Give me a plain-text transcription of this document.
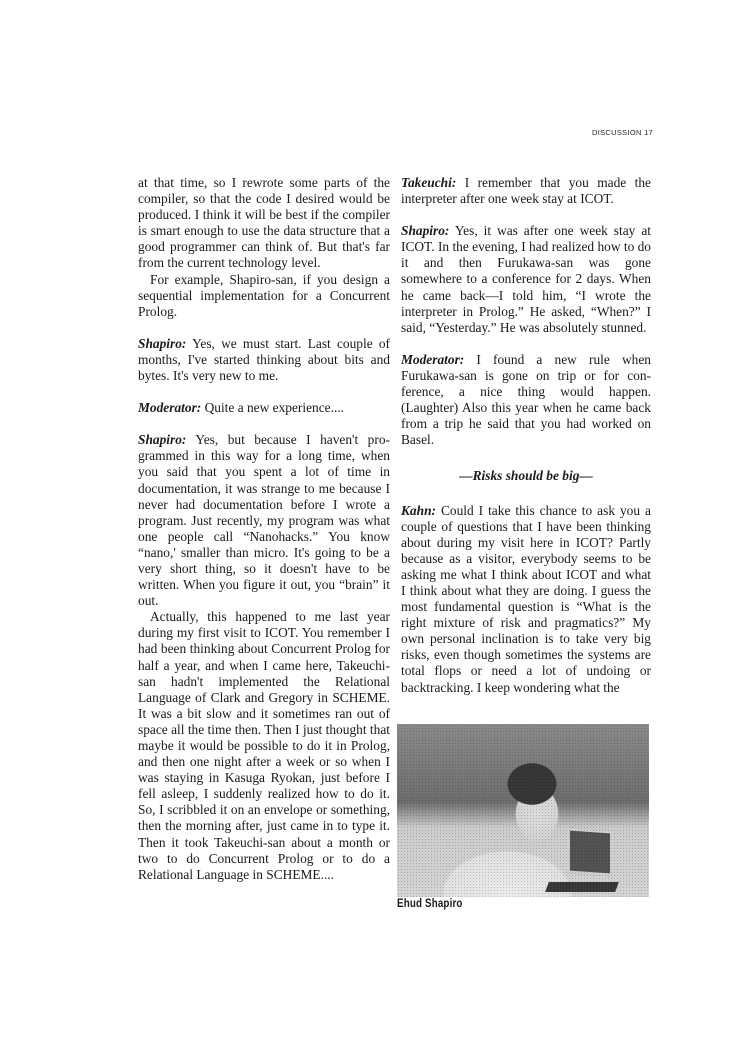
DISCUSSION 17

at that time, so I rewrote some parts of the compiler, so that the code I desired would be produced. I think it will be best if the compiler is smart enough to use the data structure that a good programmer can think of. But that's far from the current technology level.

For example, Shapiro-san, if you design a sequential implementation for a Concurrent Prolog.

Shapiro: Yes, we must start. Last couple of months, I've started thinking about bits and bytes. It's very new to me.

Moderator: Quite a new experience....

Shapiro: Yes, but because I haven't programmed in this way for a long time, when you said that you spent a lot of time in documentation, it was strange to me because I never had documentation before I wrote a program. Just recently, my program was what one people call “Nanohacks.” You know “nano,' smaller than micro. It's going to be a very short thing, so it doesn't have to be written. When you figure it out, you “brain” it out.

Actually, this happened to me last year during my first visit to ICOT. You remember I had been thinking about Concurrent Prolog for half a year, and when I came here, Takeuchi-san hadn't implemented the Relational Language of Clark and Gregory in SCHEME. It was a bit slow and it sometimes ran out of space all the time then. Then I just thought that maybe it would be possible to do it in Prolog, and then one night after a week or so when I was staying in Kasuga Ryokan, just before I fell asleep, I suddenly realized how to do it. So, I scribbled it on an envelope or something, then the morning after, just came in to type it. Then it took Takeuchi-san about a month or two to do Concurrent Prolog or to do a Relational Language in SCHEME....

Takeuchi: I remember that you made the interpreter after one week stay at ICOT.

Shapiro: Yes, it was after one week stay at ICOT. In the evening, I had realized how to do it and then Furukawa-san was gone somewhere to a conference for 2 days. When he came back—I told him, “I wrote the interpreter in Prolog.” He asked, “When?” I said, “Yesterday.” He was absolutely stunned.

Moderator: I found a new rule when Furukawa-san is gone on trip or for conference, a nice thing would happen. (Laughter) Also this year when he came back from a trip he said that you had worked on Basel.

—Risks should be big—

Kahn: Could I take this chance to ask you a couple of questions that I have been thinking about during my visit here in ICOT? Partly because as a visitor, everybody seems to be asking me what I think about ICOT and what I think about what they are doing. I guess the most fundamental question is “What is the right mixture of risk and pragmatics?” My own personal inclination is to take very big risks, even though sometimes the systems are total flops or need a lot of undoing or backtracking. I keep wondering what the

Ehud Shapiro
